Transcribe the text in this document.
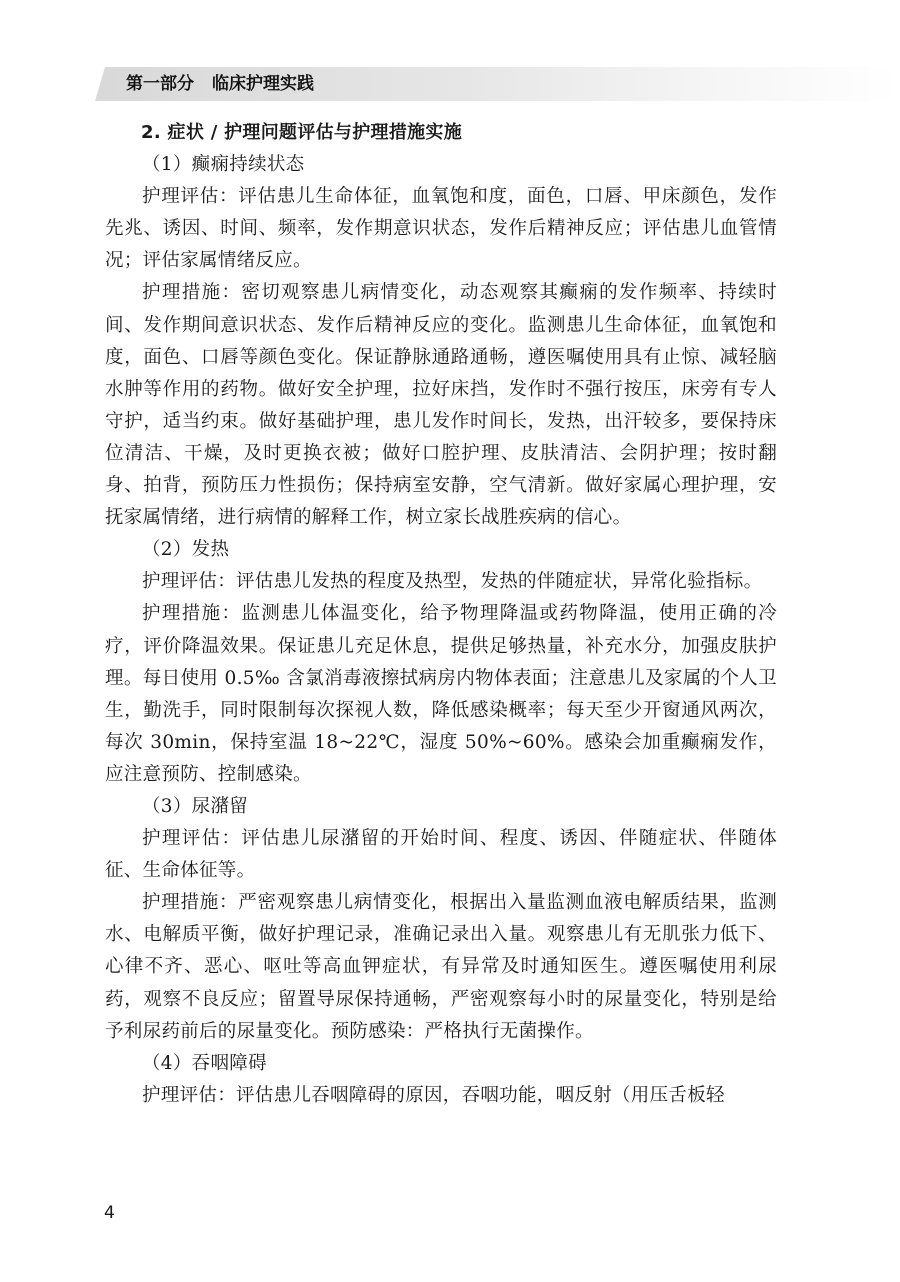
第一部分 临床护理实践

2. 症状 / 护理问题评估与护理措施实施

（1）癫痫持续状态

护理评估：评估患儿生命体征，血氧饱和度，面色，口唇、甲床颜色，发作先兆、诱因、时间、频率，发作期意识状态，发作后精神反应；评估患儿血管情况；评估家属情绪反应。

护理措施：密切观察患儿病情变化，动态观察其癫痫的发作频率、持续时间、发作期间意识状态、发作后精神反应的变化。监测患儿生命体征，血氧饱和度，面色、口唇等颜色变化。保证静脉通路通畅，遵医嘱使用具有止惊、减轻脑水肿等作用的药物。做好安全护理，拉好床挡，发作时不强行按压，床旁有专人守护，适当约束。做好基础护理，患儿发作时间长，发热，出汗较多，要保持床位清洁、干燥，及时更换衣被；做好口腔护理、皮肤清洁、会阴护理；按时翻身、拍背，预防压力性损伤；保持病室安静，空气清新。做好家属心理护理，安抚家属情绪，进行病情的解释工作，树立家长战胜疾病的信心。

（2）发热

护理评估：评估患儿发热的程度及热型，发热的伴随症状，异常化验指标。

护理措施：监测患儿体温变化，给予物理降温或药物降温，使用正确的冷疗，评价降温效果。保证患儿充足休息，提供足够热量，补充水分，加强皮肤护理。每日使用 0.5‰ 含氯消毒液擦拭病房内物体表面；注意患儿及家属的个人卫生，勤洗手，同时限制每次探视人数，降低感染概率；每天至少开窗通风两次，每次 30min，保持室温 18~22℃，湿度 50%~60%。感染会加重癫痫发作，应注意预防、控制感染。

（3）尿潴留

护理评估：评估患儿尿潴留的开始时间、程度、诱因、伴随症状、伴随体征、生命体征等。

护理措施：严密观察患儿病情变化，根据出入量监测血液电解质结果，监测水、电解质平衡，做好护理记录，准确记录出入量。观察患儿有无肌张力低下、心律不齐、恶心、呕吐等高血钾症状，有异常及时通知医生。遵医嘱使用利尿药，观察不良反应；留置导尿保持通畅，严密观察每小时的尿量变化，特别是给予利尿药前后的尿量变化。预防感染：严格执行无菌操作。

（4）吞咽障碍

护理评估：评估患儿吞咽障碍的原因，吞咽功能，咽反射（用压舌板轻

4
